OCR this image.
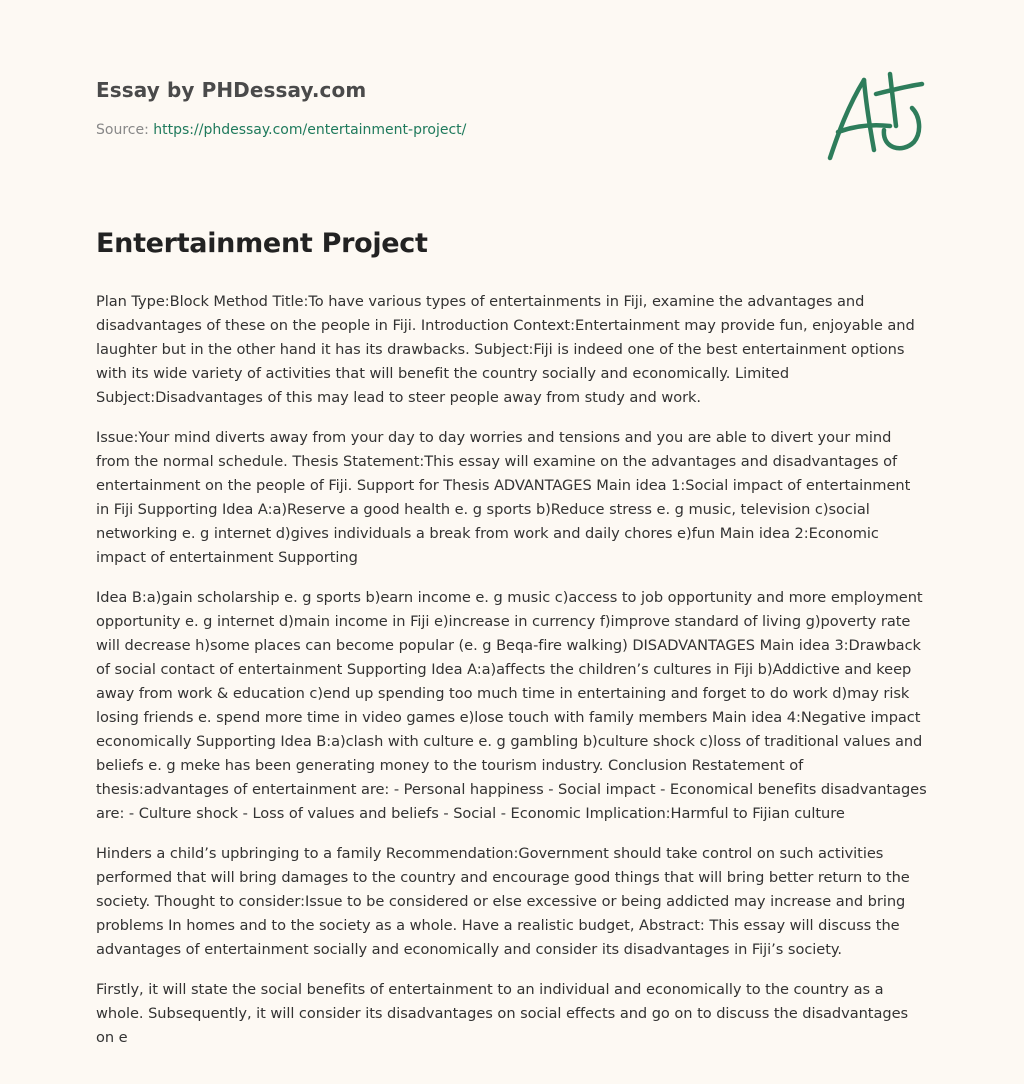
Essay by PHDessay.com
Source: https://phdessay.com/entertainment-project/
Entertainment Project

Plan Type:Block Method Title:To have various types of entertainments in Fiji, examine the advantages and disadvantages of these on the people in Fiji. Introduction Context:Entertainment may provide fun, enjoyable and laughter but in the other hand it has its drawbacks. Subject:Fiji is indeed one of the best entertainment options with its wide variety of activities that will benefit the country socially and economically. Limited Subject:Disadvantages of this may lead to steer people away from study and work.

Issue:Your mind diverts away from your day to day worries and tensions and you are able to divert your mind from the normal schedule. Thesis Statement:This essay will examine on the advantages and disadvantages of entertainment on the people of Fiji. Support for Thesis ADVANTAGES Main idea 1:Social impact of entertainment in Fiji Supporting Idea A:a)Reserve a good health e. g sports b)Reduce stress e. g music, television c)social networking e. g internet d)gives individuals a break from work and daily chores e)fun Main idea 2:Economic impact of entertainment Supporting

Idea B:a)gain scholarship e. g sports b)earn income e. g music c)access to job opportunity and more employment opportunity e. g internet d)main income in Fiji e)increase in currency f)improve standard of living g)poverty rate will decrease h)some places can become popular (e. g Beqa-fire walking) DISADVANTAGES Main idea 3:Drawback of social contact of entertainment Supporting Idea A:a)affects the children’s cultures in Fiji b)Addictive and keep away from work & education c)end up spending too much time in entertaining and forget to do work d)may risk losing friends e. spend more time in video games e)lose touch with family members Main idea 4:Negative impact economically Supporting Idea B:a)clash with culture e. g gambling b)culture shock c)loss of traditional values and beliefs e. g meke has been generating money to the tourism industry. Conclusion Restatement of thesis:advantages of entertainment are: - Personal happiness - Social impact - Economical benefits disadvantages are: - Culture shock - Loss of values and beliefs - Social - Economic Implication:Harmful to Fijian culture

Hinders a child’s upbringing to a family Recommendation:Government should take control on such activities performed that will bring damages to the country and encourage good things that will bring better return to the society. Thought to consider:Issue to be considered or else excessive or being addicted may increase and bring problems In homes and to the society as a whole. Have a realistic budget, Abstract: This essay will discuss the advantages of entertainment socially and economically and consider its disadvantages in Fiji’s society.

Firstly, it will state the social benefits of entertainment to an individual and economically to the country as a whole. Subsequently, it will consider its disadvantages on social effects and go on to discuss the disadvantages on e
